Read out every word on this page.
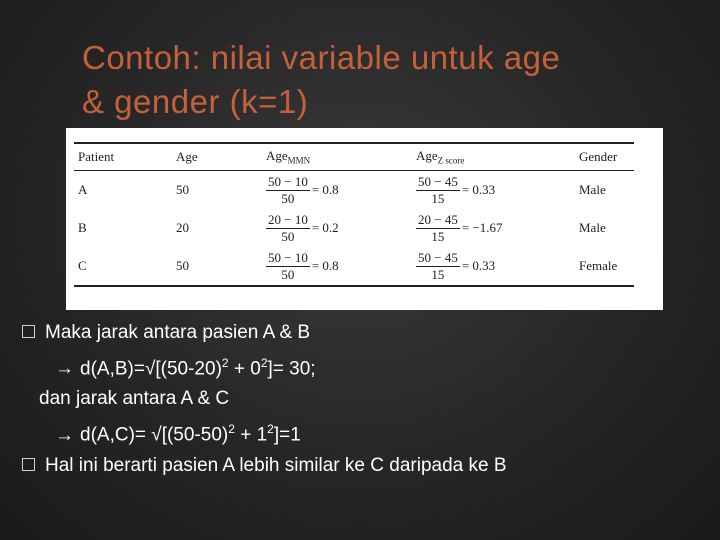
Contoh: nilai variable untuk age
& gender (k=1)
Patient	Age	Age$_{MMN}$	Age$_{Z score}$	Gender
A	50	$\frac{50 - 10}{50} = 0.8$	$\frac{50 - 45}{15} = 0.33$	Male
B	20	$\frac{20 - 10}{50} = 0.2$	$\frac{20 - 45}{15} = -1.67$	Male
C	50	$\frac{50 - 10}{50} = 0.8$	$\frac{50 - 45}{15} = 0.33$	Female
Maka jarak antara pasien A & B
→ $d(A,B)=√[(50-20)^2 + 0^2]= 30$;
dan jarak antara A & C
→ $d(A,C)= √[(50-50)^2 + 1^2]=1$
Hal ini berarti pasien A lebih similar ke C daripada ke B
